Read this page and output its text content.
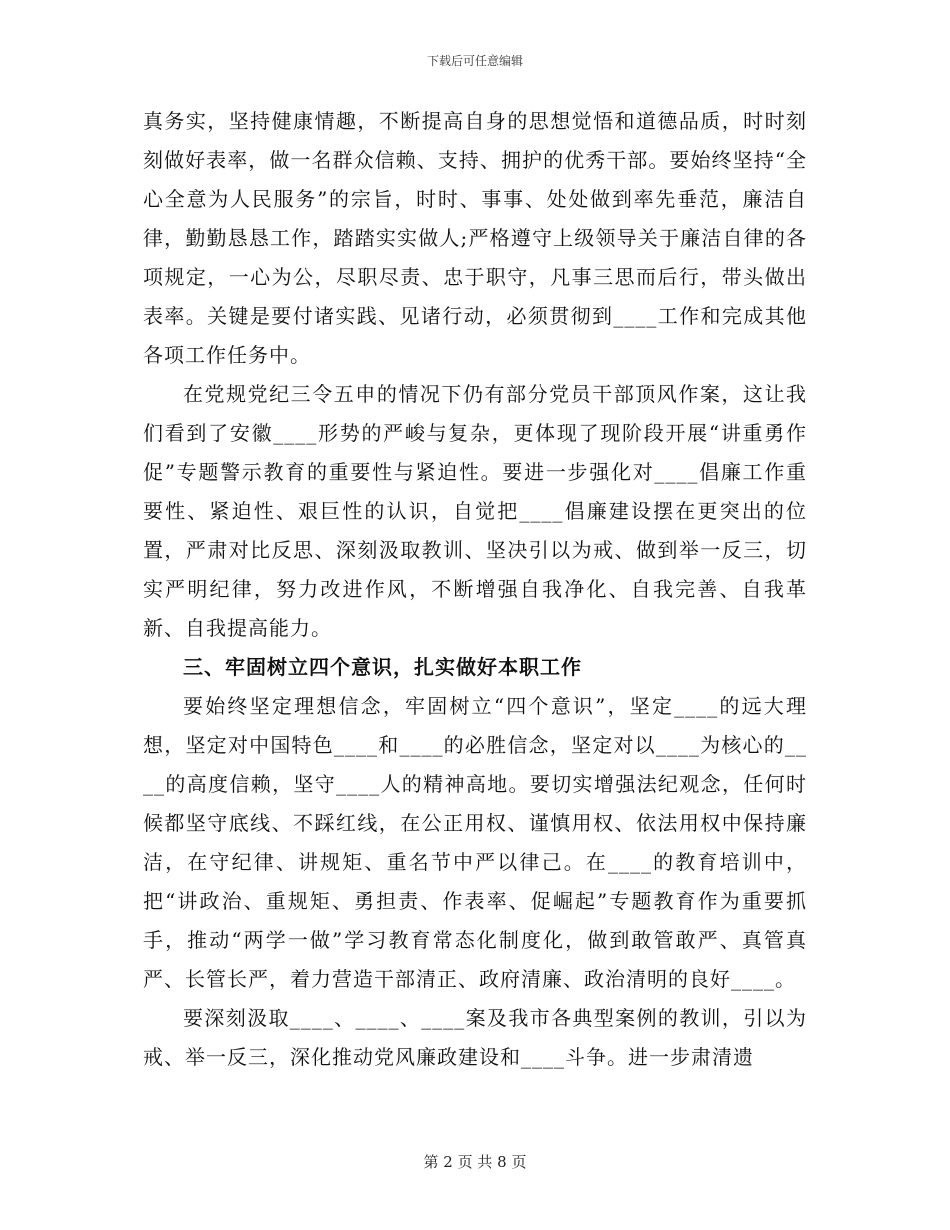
下载后可任意编辑

真务实，坚持健康情趣，不断提高自身的思想觉悟和道德品质，时时刻刻做好表率，做一名群众信赖、支持、拥护的优秀干部。要始终坚持“全心全意为人民服务”的宗旨，时时、事事、处处做到率先垂范，廉洁自律，勤勤恳恳工作，踏踏实实做人;严格遵守上级领导关于廉洁自律的各项规定，一心为公，尽职尽责、忠于职守，凡事三思而后行，带头做出表率。关键是要付诸实践、见诸行动，必须贯彻到____工作和完成其他各项工作任务中。

在党规党纪三令五申的情况下仍有部分党员干部顶风作案，这让我们看到了安徽____形势的严峻与复杂，更体现了现阶段开展“讲重勇作促”专题警示教育的重要性与紧迫性。要进一步强化对____倡廉工作重要性、紧迫性、艰巨性的认识，自觉把____倡廉建设摆在更突出的位置，严肃对比反思、深刻汲取教训、坚决引以为戒、做到举一反三，切实严明纪律，努力改进作风，不断增强自我净化、自我完善、自我革新、自我提高能力。

三、牢固树立四个意识，扎实做好本职工作

要始终坚定理想信念，牢固树立“四个意识”，坚定____的远大理想，坚定对中国特色____和____的必胜信念，坚定对以____为核心的____的高度信赖，坚守____人的精神高地。要切实增强法纪观念，任何时候都坚守底线、不踩红线，在公正用权、谨慎用权、依法用权中保持廉洁，在守纪律、讲规矩、重名节中严以律己。在____的教育培训中，把“讲政治、重规矩、勇担责、作表率、促崛起”专题教育作为重要抓手，推动“两学一做”学习教育常态化制度化，做到敢管敢严、真管真严、长管长严，着力营造干部清正、政府清廉、政治清明的良好____。

要深刻汲取____、____、____案及我市各典型案例的教训，引以为戒、举一反三，深化推动党风廉政建设和____斗争。进一步肃清遗

第 2 页 共 8 页
